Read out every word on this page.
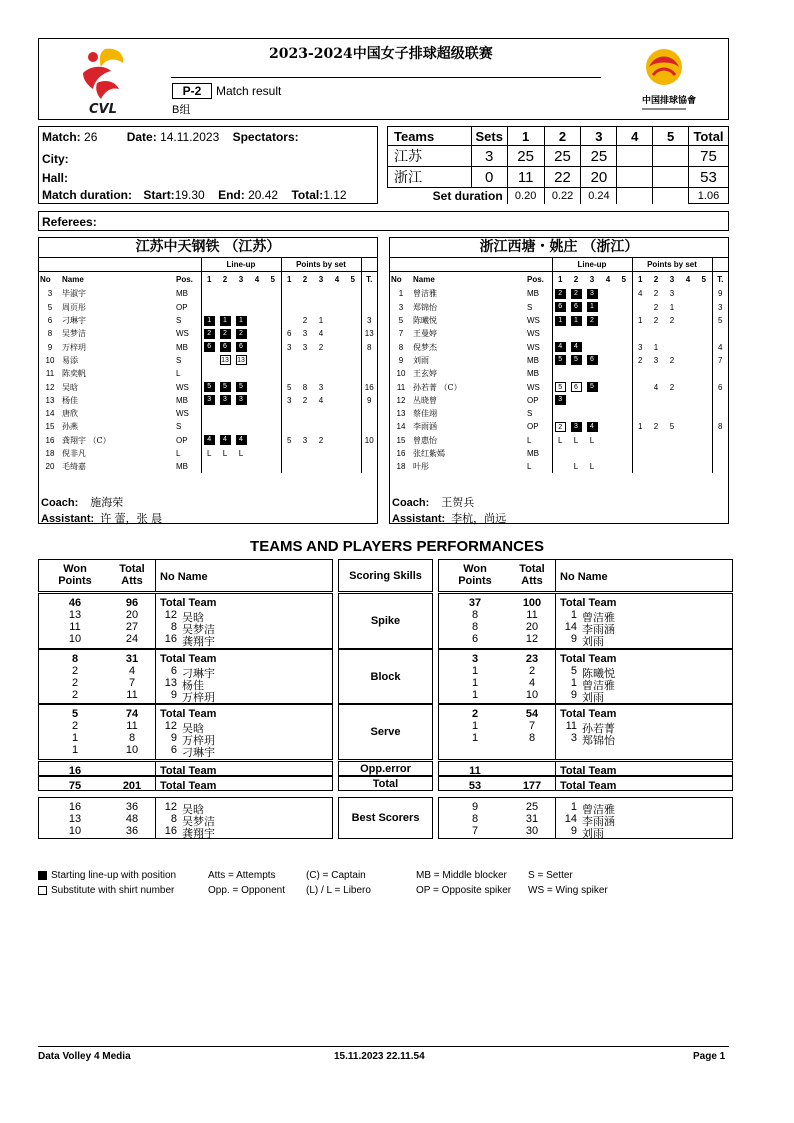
CVL
2023-2024中国女子排球超级联赛
P-2	Match result
B组
中国排球協會
Match: 26 Date: 14.11.2023 Spectators:
City:
Hall:
Match duration: Start:19.30 End: 20.42 Total:1.12
Teams	Sets	1	2	3	4	5	Total
江苏	3	25	25	25			75
浙江	0	11	22	20			53
Set duration		0.20	0.22	0.24			1.06
Referees:
江苏中天钢铁 （江苏）
			Line-up					Points by set					
No	Name	Pos.	1	2	3	4	5	1	2	3	4	5	T.
3	毕淑宇	MB											
5	周页彤	OP											
6	刁琳宇	S	1	1	1				2	1			3
8	吴梦洁	WS	2	2	2			6	3	4			13
9	万梓玥	MB	6	6	6			3	3	2			8
10	易添	S		13	13								
11	陈奕帆	L											
12	吴晗	WS	5	5	5			5	8	3			16
13	杨佳	MB	3	3	3			3	2	4			9
14	唐欣	WS											
15	孙燕	S											
16	龚翔宇 （C）	OP	4	4	4			5	3	2			10
18	倪非凡	L	L	L	L								
20	毛绮嘉	MB											
Coach: 施海荣
Assistant: 许 蕾，张 晨
浙江西塘・姚庄 （浙江）
			Line-up					Points by set					
No	Name	Pos.	1	2	3	4	5	1	2	3	4	5	T.
1	曾洁雅	MB	2	2	3			4	2	3			9
3	郑锦怡	S	6	6	1				2	1			3
5	陈曦悦	WS	1	1	2			1	2	2			5
7	王曼婷	WS											
8	倪梦杰	WS	4	4				3	1				4
9	刘雨	MB	5	5	6			2	3	2			7
10	王玄婷	MB											
11	孙若菁 （C）	WS	5	6	5				4	2			6
12	丛晓曾	OP	3										
13	蔡佳翊	S											
14	李雨涵	OP	2	3	4			1	2	5			8
15	曾惠怡	L	L	L	L								
16	张红紫嫣	MB											
18	叶彤	L		L	L								
Coach: 王贺兵
Assistant: 李杭，尚远
TEAMS AND PLAYERS PERFORMANCES
Won Points
Total Atts	No Name
Won Points
Total Atts	No Name
Scoring Skills
46	96	Total Team
13	20	12 吴晗
11	27	8 吴梦洁
10	24	16 龚翔宇
37	100	Total Team
8	11	1 曾洁雅
8	20	14 李雨涵
6	12	9 刘雨
Spike
8	31	Total Team
2	4	6 刁琳宇
2	7	13 杨佳
2	11	9 万梓玥
3	23	Total Team
1	2	5 陈曦悦
1	4	1 曾洁雅
1	10	9 刘雨
Block
5	74	Total Team
2	11	12 吴晗
1	8	9 万梓玥
1	10	6 刁琳宇
2	54	Total Team
1	7	11 孙若菁
1	8	3 郑锦怡
Serve
16	Total Team	11	Total Team
Opp.error
75	201	Total Team	53	177	Total Team
Total
16	36	12 吴晗
13	48	8 吴梦洁
10	36	16 龚翔宇
9	25	1 曾洁雅
8	31	14 李雨涵
7	30	9 刘雨
Best Scorers
Starting line-up with position
Substitute with shirt number
Atts = Attempts
Opp. = Opponent
(C) = Captain
(L) / L = Libero
MB = Middle blocker
OP = Opposite spiker
S = Setter
WS = Wing spiker
Data Volley 4 Media	15.11.2023 22.11.54	Page 1
